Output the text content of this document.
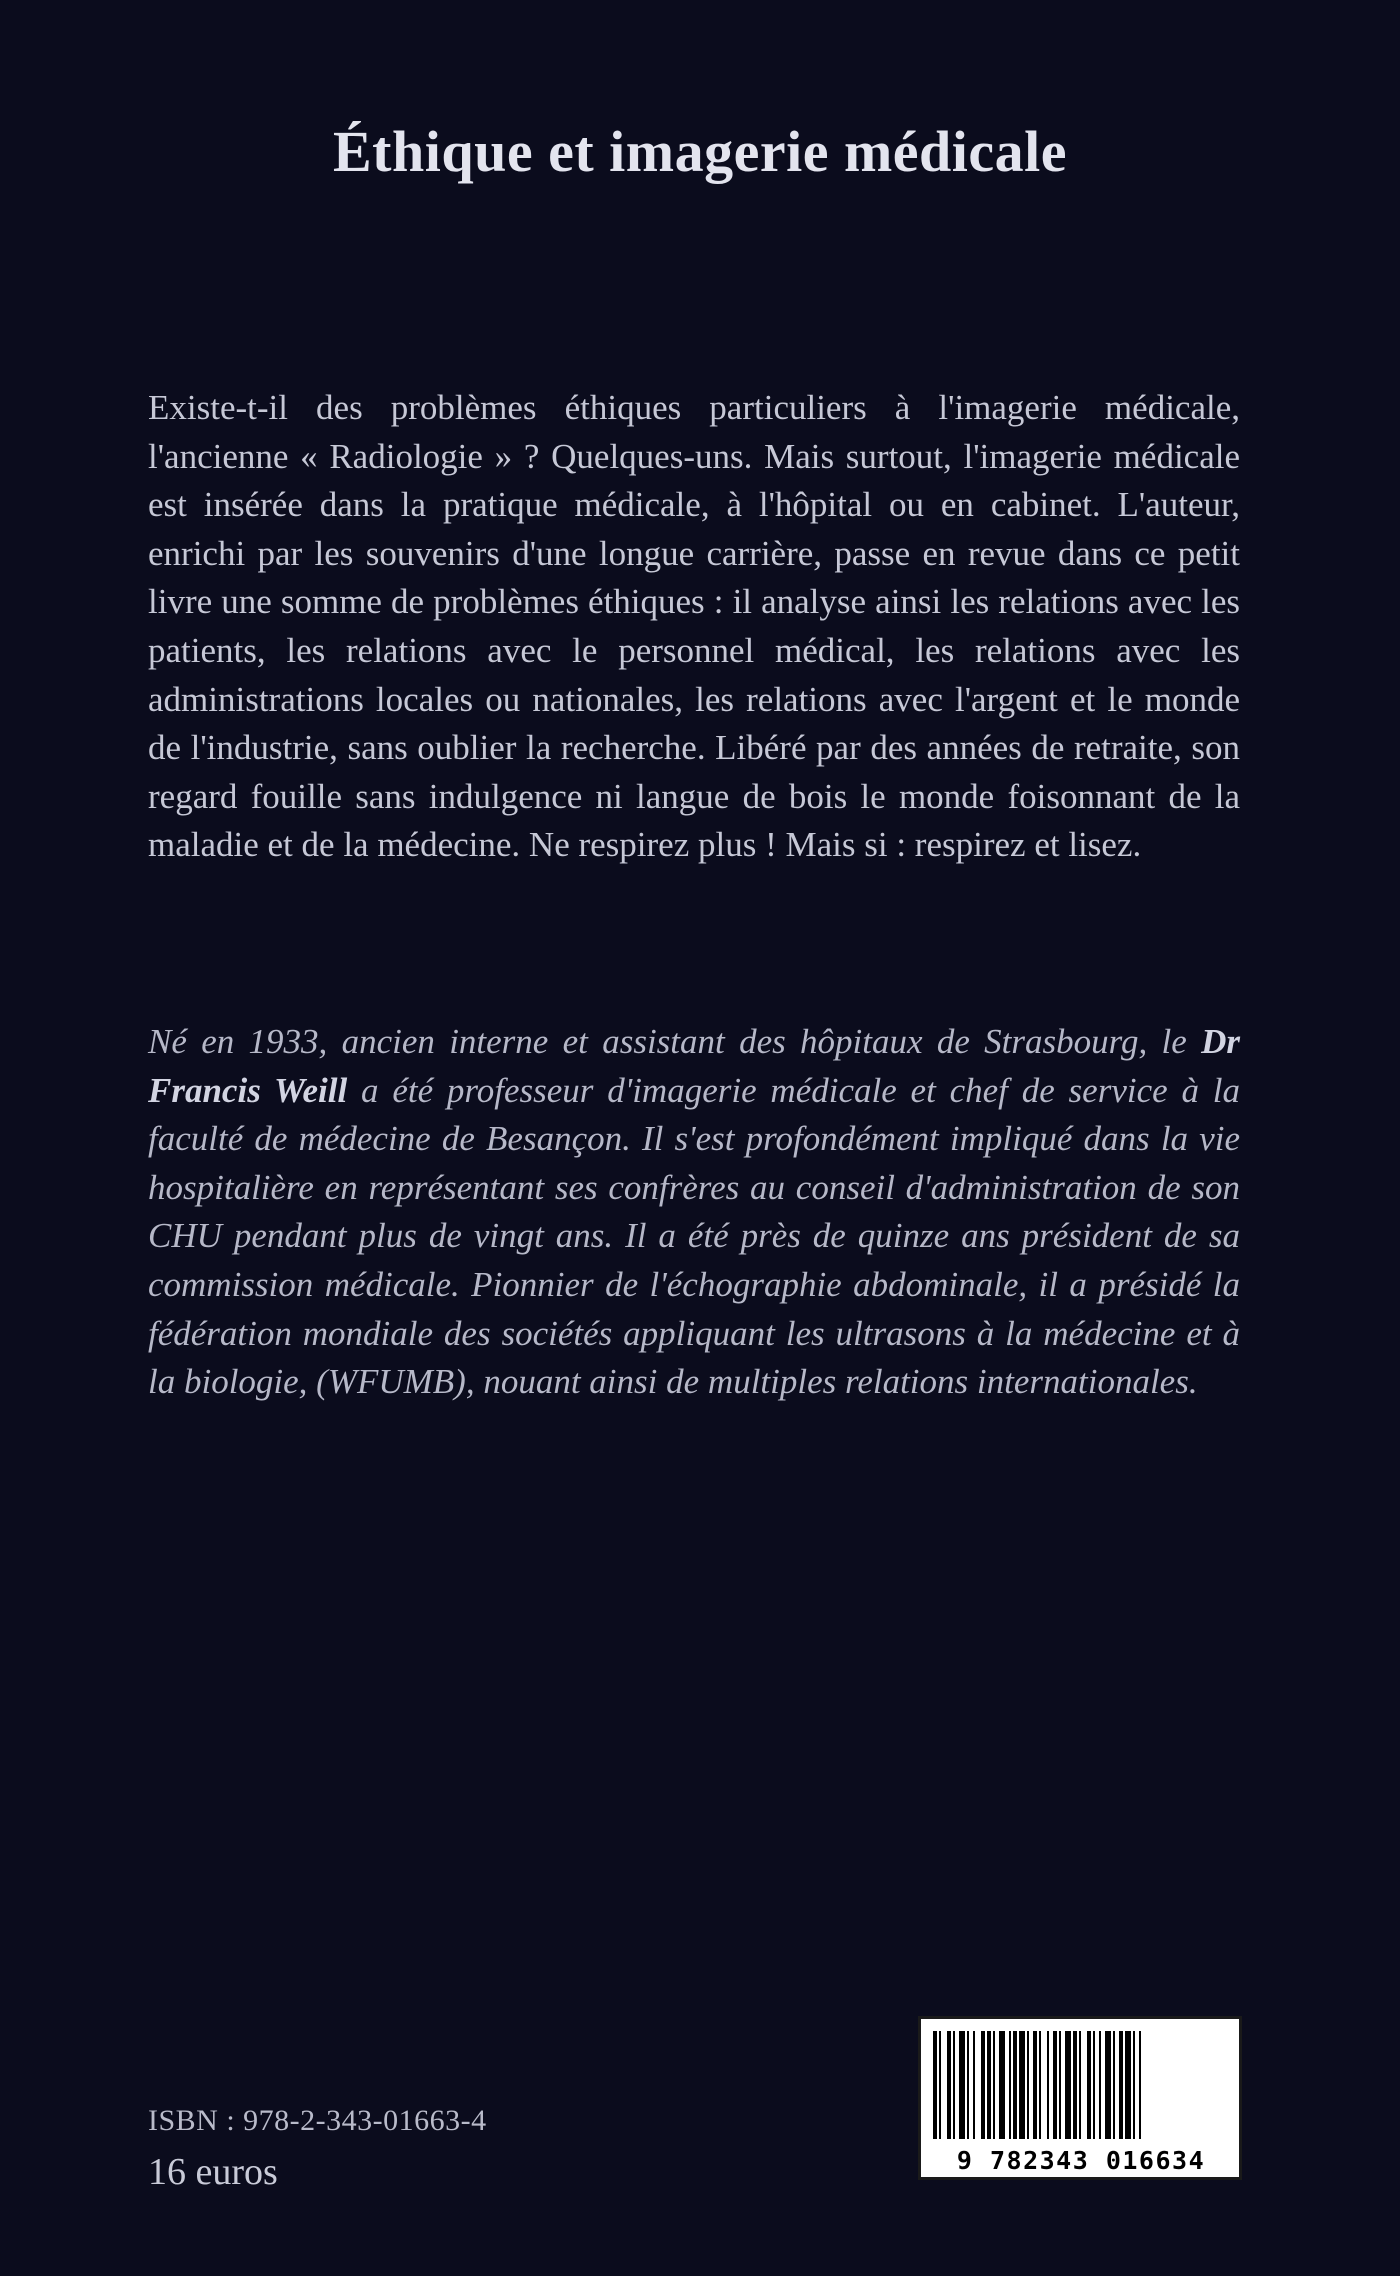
Éthique et imagerie médicale

Existe-t-il des problèmes éthiques particuliers à l'imagerie médicale, l'ancienne « Radiologie » ? Quelques-uns. Mais surtout, l'imagerie médicale est insérée dans la pratique médicale, à l'hôpital ou en cabinet. L'auteur, enrichi par les souvenirs d'une longue carrière, passe en revue dans ce petit livre une somme de problèmes éthiques : il analyse ainsi les relations avec les patients, les relations avec le personnel médical, les relations avec les administrations locales ou nationales, les relations avec l'argent et le monde de l'industrie, sans oublier la recherche. Libéré par des années de retraite, son regard fouille sans indulgence ni langue de bois le monde foisonnant de la maladie et de la médecine. Ne respirez plus ! Mais si : respirez et lisez.

Né en 1933, ancien interne et assistant des hôpitaux de Strasbourg, le Dr Francis Weill a été professeur d'imagerie médicale et chef de service à la faculté de médecine de Besançon. Il s'est profondément impliqué dans la vie hospitalière en représentant ses confrères au conseil d'administration de son CHU pendant plus de vingt ans. Il a été près de quinze ans président de sa commission médicale. Pionnier de l'échographie abdominale, il a présidé la fédération mondiale des sociétés appliquant les ultrasons à la médecine et à la biologie, (WFUMB), nouant ainsi de multiples relations internationales.

ISBN : 978-2-343-01663-4

16 euros	9 782343 016634
